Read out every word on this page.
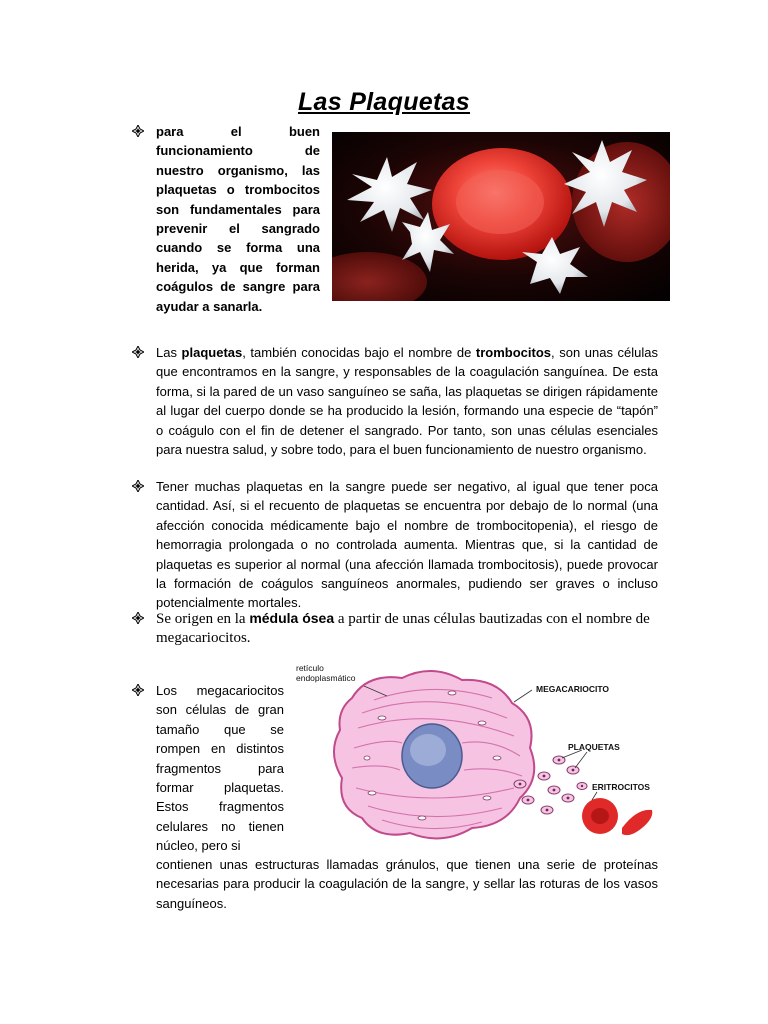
Las Plaquetas
para el buen funcionamiento de nuestro organismo, las plaquetas o trombocitos son fundamentales para prevenir el sangrado cuando se forma una herida, ya que forman coágulos de sangre para ayudar a sanarla.
Las plaquetas, también conocidas bajo el nombre de trombocitos, son unas células que encontramos en la sangre, y responsables de la coagulación sanguínea. De esta forma, si la pared de un vaso sanguíneo se saña, las plaquetas se dirigen rápidamente al lugar del cuerpo donde se ha producido la lesión, formando una especie de “tapón” o coágulo con el fin de detener el sangrado. Por tanto, son unas células esenciales para nuestra salud, y sobre todo, para el buen funcionamiento de nuestro organismo.
Tener muchas plaquetas en la sangre puede ser negativo, al igual que tener poca cantidad. Así, si el recuento de plaquetas se encuentra por debajo de lo normal (una afección conocida médicamente bajo el nombre de trombocitopenia), el riesgo de hemorragia prolongada o no controlada aumenta. Mientras que, si la cantidad de plaquetas es superior al normal (una afección llamada trombocitosis), puede provocar la formación de coágulos sanguíneos anormales, pudiendo ser graves o incluso potencialmente mortales.
Se origen en la médula ósea a partir de unas células bautizadas con el nombre de megacariocitos.
retículo
endoplasmático
MEGACARIOCITO
PLAQUETAS
ERITROCITOS
Los megacariocitos son células de gran tamaño que se rompen en distintos fragmentos para formar plaquetas. Estos fragmentos celulares no tienen núcleo, pero si
contienen unas estructuras llamadas gránulos, que tienen una serie de proteínas necesarias para producir la coagulación de la sangre, y sellar las roturas de los vasos sanguíneos.
